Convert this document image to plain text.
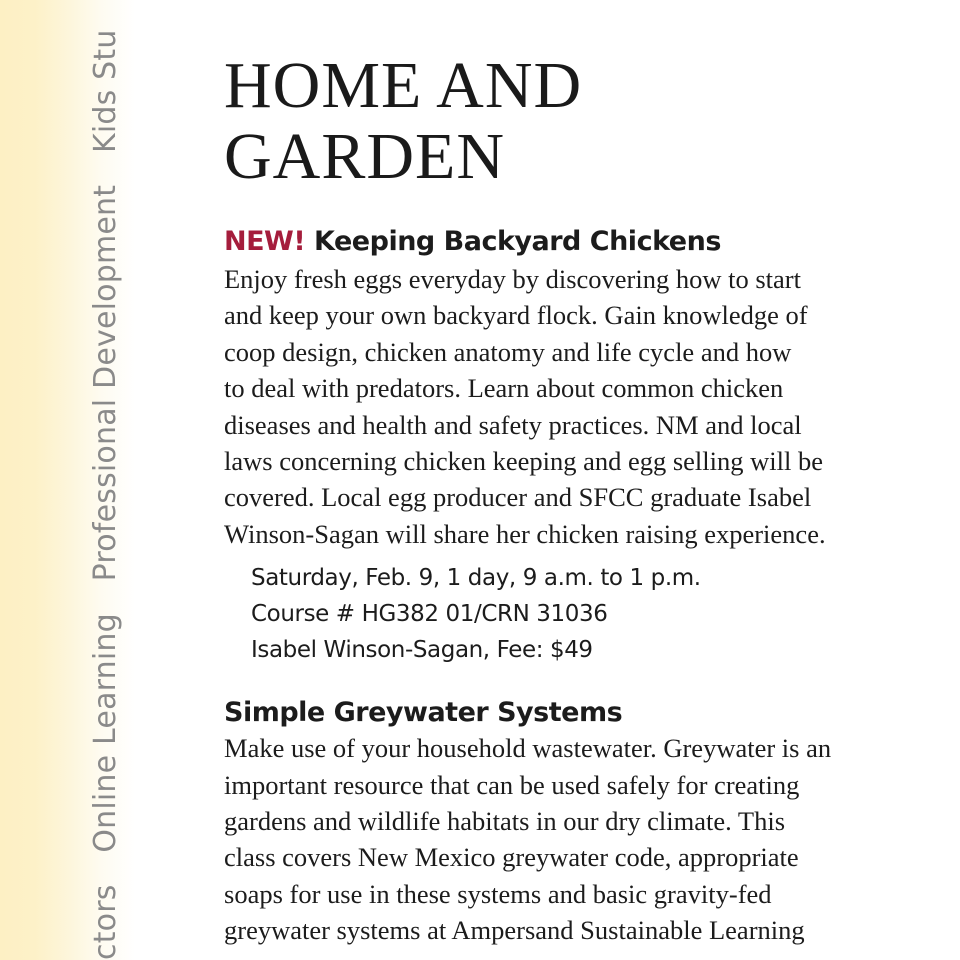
ctors Online Learning Professional Development Kids Stu HOME AND
GARDEN
NEW! Keeping Backyard Chickens

Enjoy fresh eggs everyday by discovering how to start
and keep your own backyard flock. Gain knowledge of
coop design, chicken anatomy and life cycle and how
to deal with predators. Learn about common chicken
diseases and health and safety practices. NM and local
laws concerning chicken keeping and egg selling will be
covered. Local egg producer and SFCC graduate Isabel
Winson-Sagan will share her chicken raising experience.

Saturday, Feb. 9, 1 day, 9 a.m. to 1 p.m.
Course # HG382 01/CRN 31036
Isabel Winson-Sagan, Fee: $49

Simple Greywater Systems

Make use of your household wastewater. Greywater is an
important resource that can be used safely for creating
gardens and wildlife habitats in our dry climate. This
class covers New Mexico greywater code, appropriate
soaps for use in these systems and basic gravity-fed
greywater systems at Ampersand Sustainable Learning
